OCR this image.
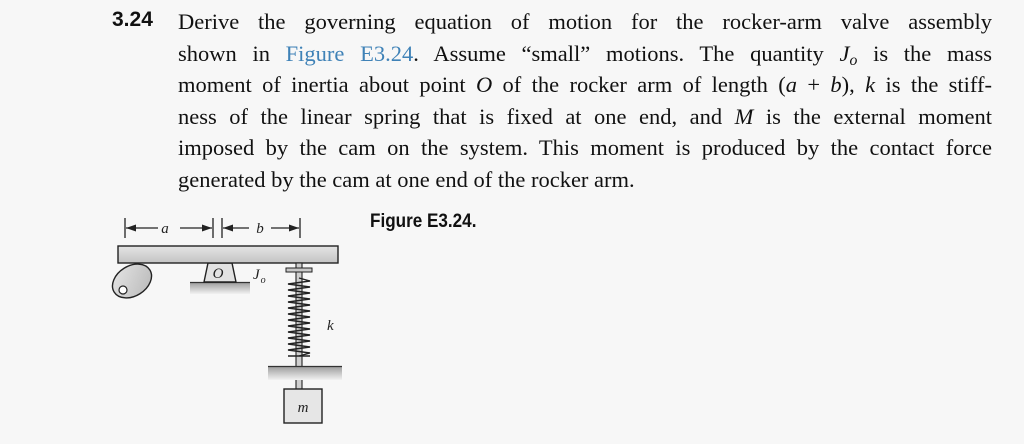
3.24 Derive the governing equation of motion for the rocker-arm valve assembly
shown in Figure E3.24. Assume “small” motions. The quantity $J_o$ is the mass
moment of inertia about point O of the rocker arm of length (a + b), k is the stiff-
ness of the linear spring that is fixed at one end, and M is the external moment
imposed by the cam on the system. This moment is produced by the contact force
generated by the cam at one end of the rocker arm.
a	b
O $J_o$
k
m
Figure E3.24.
